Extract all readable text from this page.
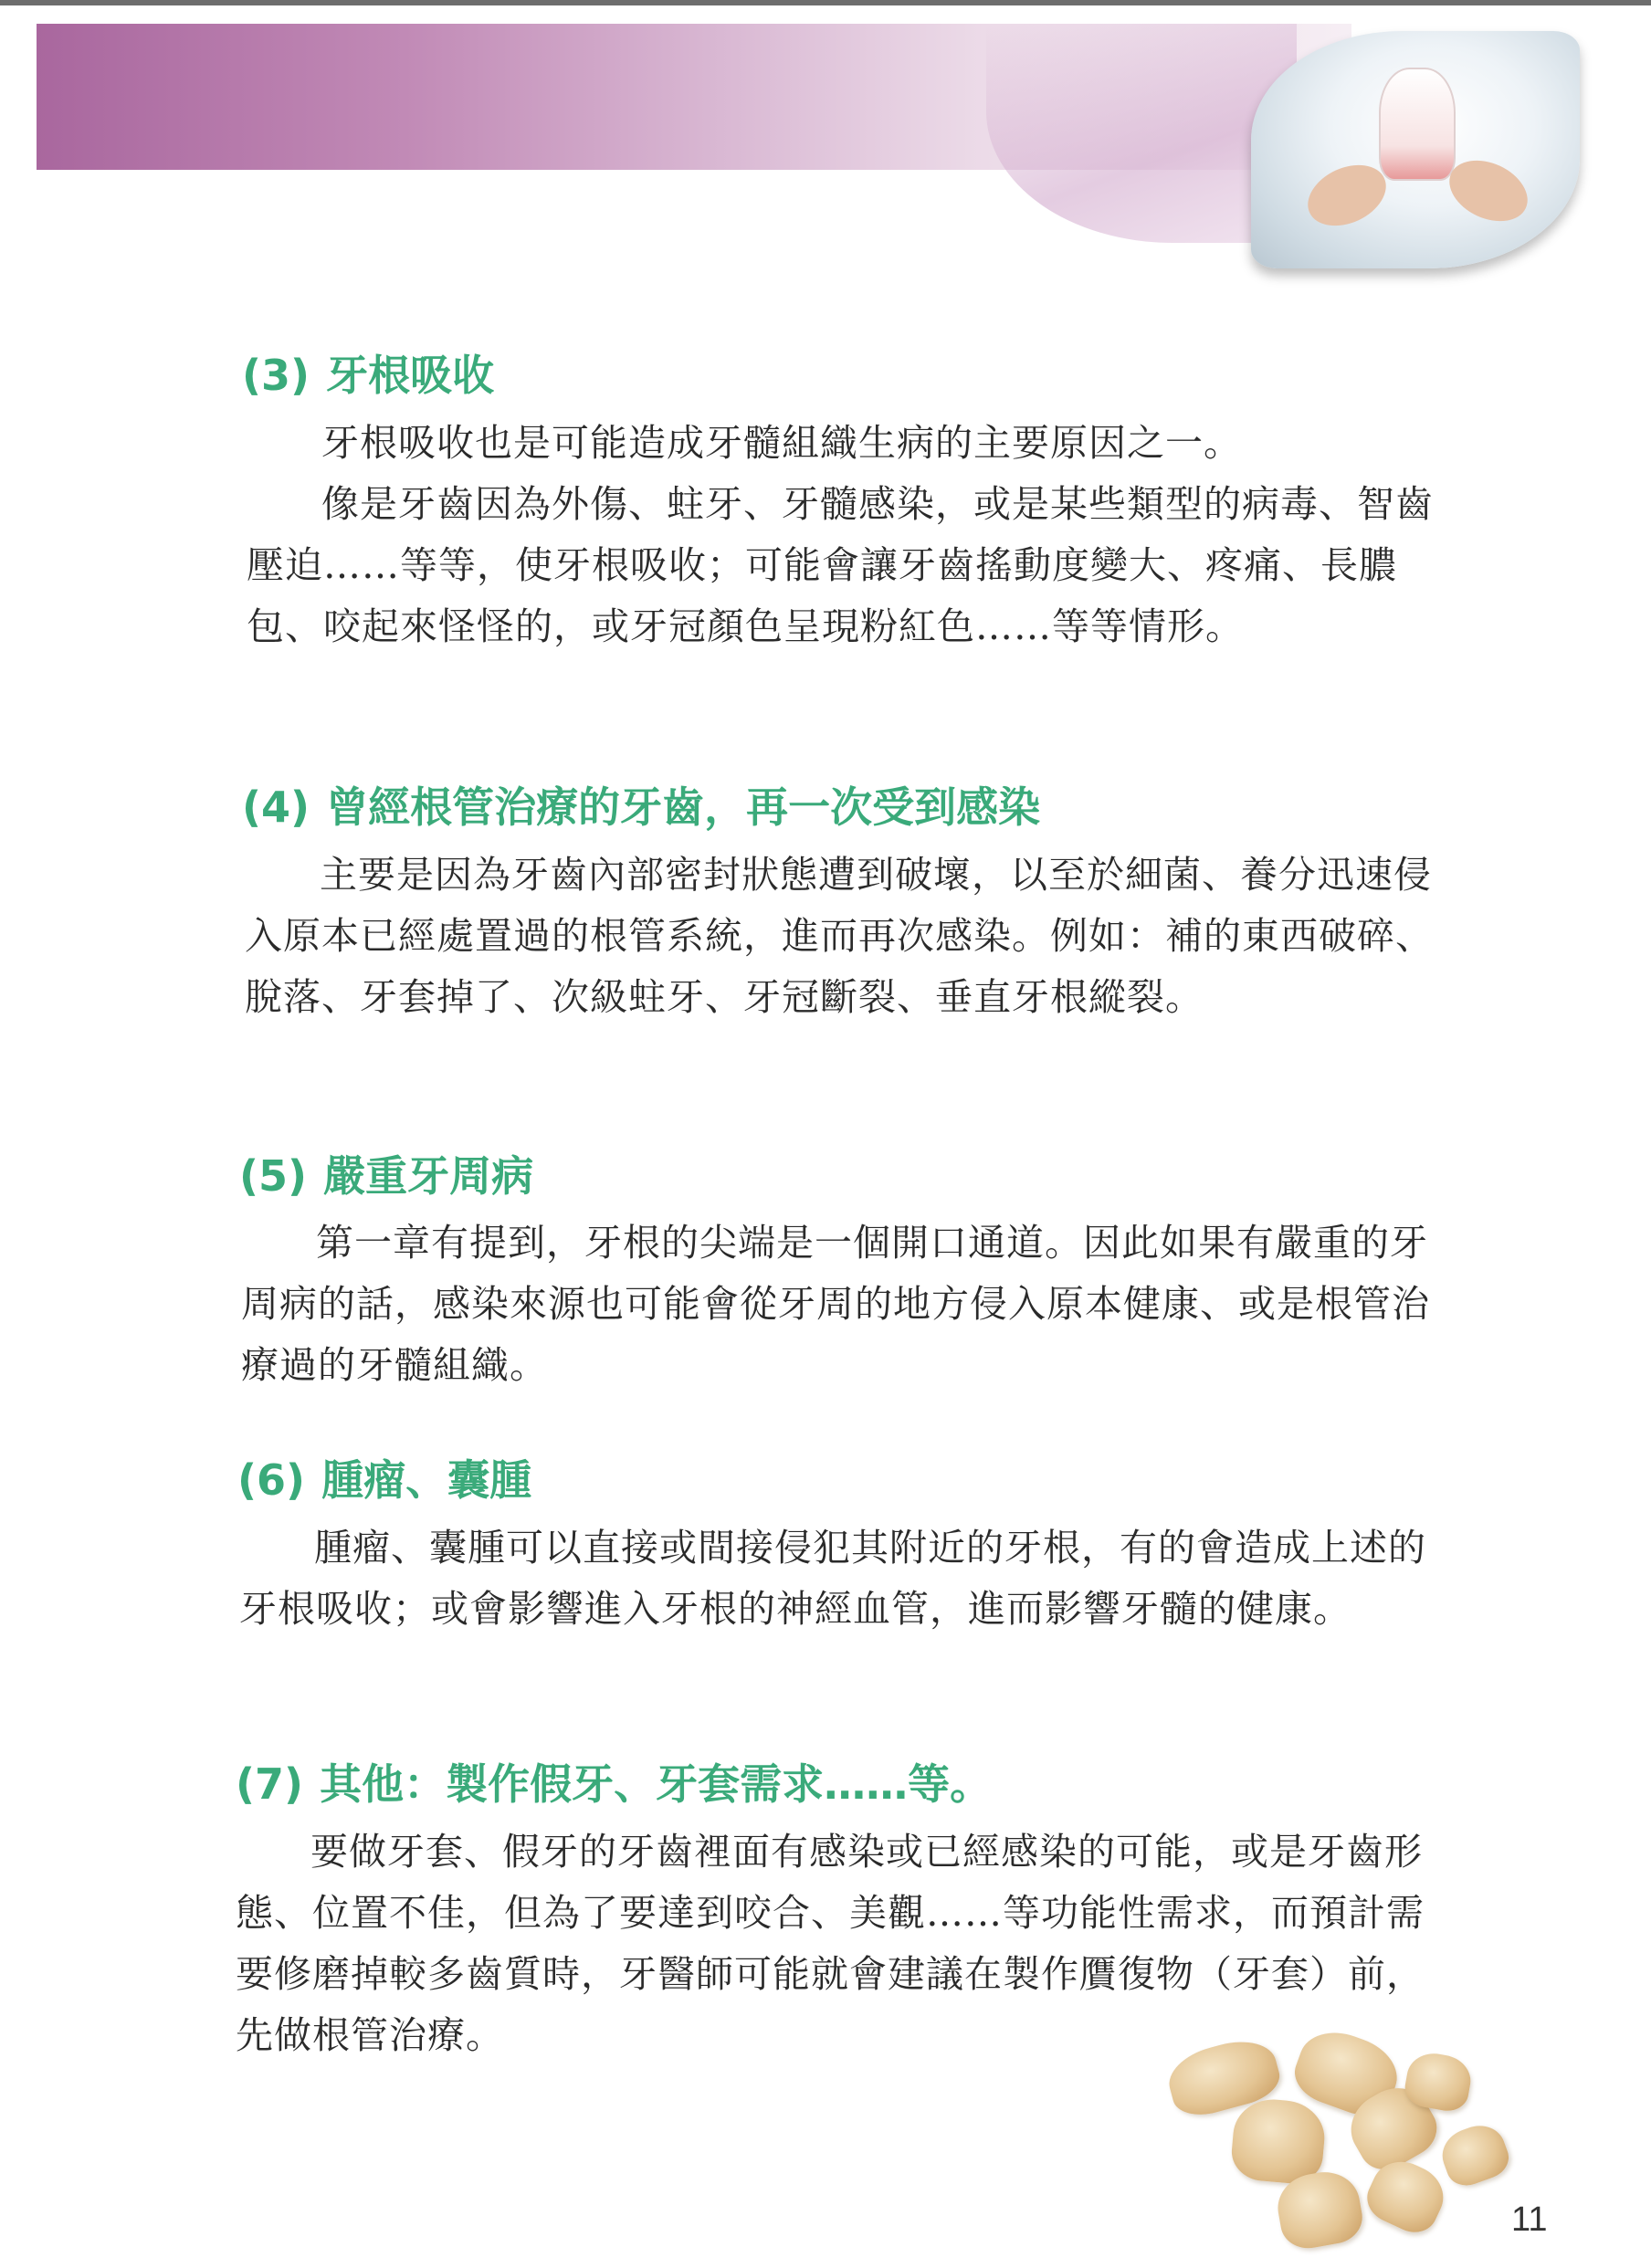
(3) 牙根吸收

牙根吸收也是可能造成牙髓組織生病的主要原因之一。

像是牙齒因為外傷、蛀牙、牙髓感染，或是某些類型的病毒、智齒壓迫……等等，使牙根吸收；可能會讓牙齒搖動度變大、疼痛、長膿包、咬起來怪怪的，或牙冠顏色呈現粉紅色……等等情形。

(4) 曾經根管治療的牙齒，再一次受到感染

主要是因為牙齒內部密封狀態遭到破壞，以至於細菌、養分迅速侵入原本已經處置過的根管系統，進而再次感染。例如：補的東西破碎、脫落、牙套掉了、次級蛀牙、牙冠斷裂、垂直牙根縱裂。

(5) 嚴重牙周病

第一章有提到，牙根的尖端是一個開口通道。因此如果有嚴重的牙周病的話，感染來源也可能會從牙周的地方侵入原本健康、或是根管治療過的牙髓組織。

(6) 腫瘤、囊腫

腫瘤、囊腫可以直接或間接侵犯其附近的牙根，有的會造成上述的牙根吸收；或會影響進入牙根的神經血管，進而影響牙髓的健康。

(7) 其他：製作假牙、牙套需求……等。

要做牙套、假牙的牙齒裡面有感染或已經感染的可能，或是牙齒形態、位置不佳，但為了要達到咬合、美觀……等功能性需求，而預計需要修磨掉較多齒質時，牙醫師可能就會建議在製作贋復物（牙套）前，先做根管治療。

11
